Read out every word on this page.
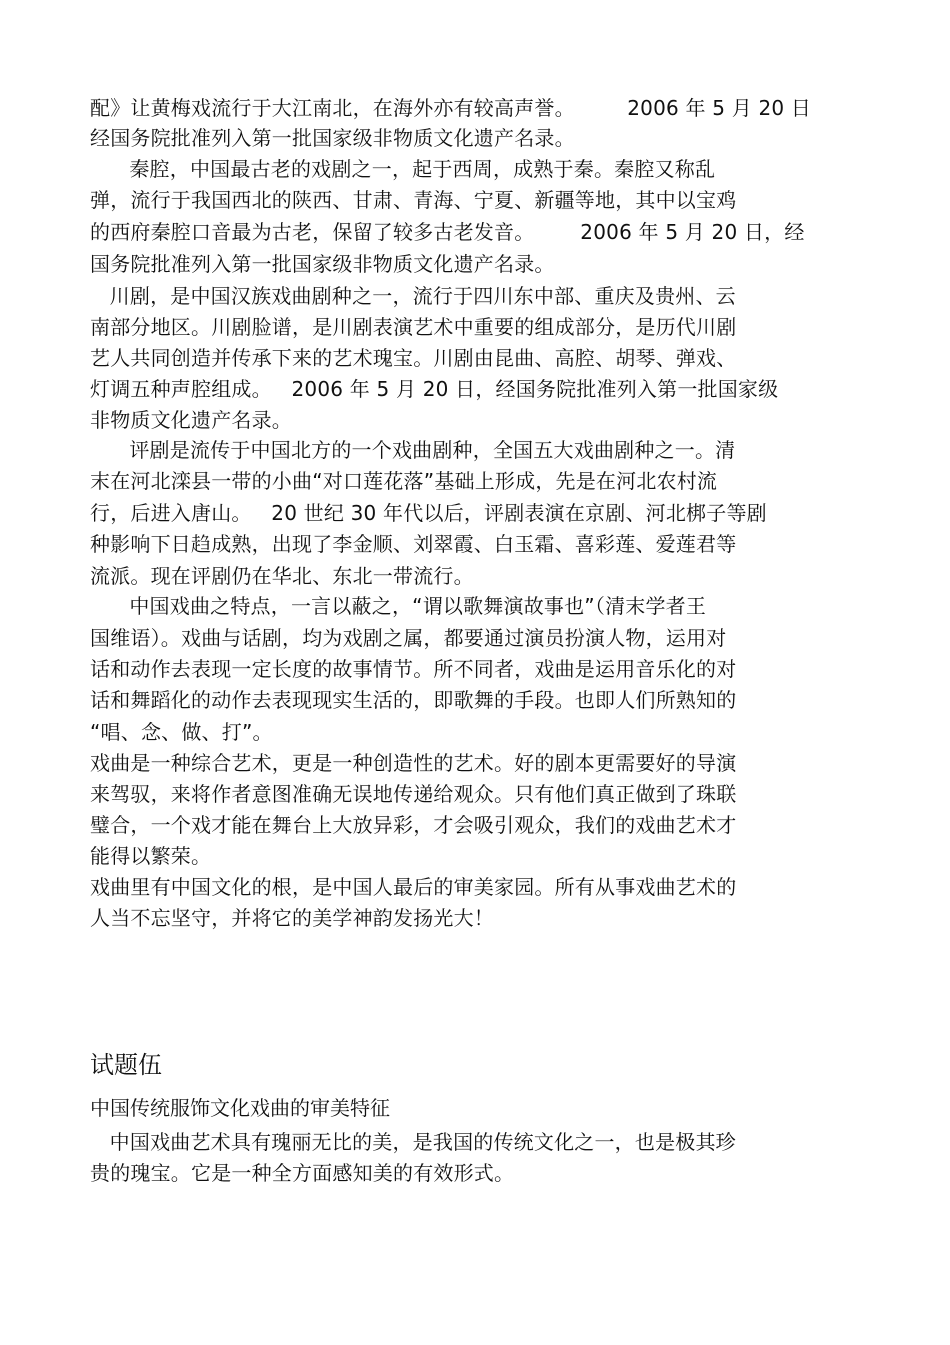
配》让黄梅戏流行于大江南北，在海外亦有较高声誉。        2006 年 5 月 20 日
经国务院批准列入第一批国家级非物质文化遗产名录。
秦腔，中国最古老的戏剧之一，起于西周，成熟于秦。秦腔又称乱
弹，流行于我国西北的陕西、甘肃、青海、宁夏、新疆等地，其中以宝鸡
的西府秦腔口音最为古老，保留了较多古老发音。       2006 年 5 月 20 日，经
国务院批准列入第一批国家级非物质文化遗产名录。
川剧，是中国汉族戏曲剧种之一，流行于四川东中部、重庆及贵州、云
南部分地区。川剧脸谱，是川剧表演艺术中重要的组成部分，是历代川剧
艺人共同创造并传承下来的艺术瑰宝。川剧由昆曲、高腔、胡琴、弹戏、
灯调五种声腔组成。   2006 年 5 月 20 日，经国务院批准列入第一批国家级
非物质文化遗产名录。
评剧是流传于中国北方的一个戏曲剧种，全国五大戏曲剧种之一。清
末在河北滦县一带的小曲“对口莲花落”基础上形成，先是在河北农村流
行，后进入唐山。   20 世纪 30 年代以后，评剧表演在京剧、河北梆子等剧
种影响下日趋成熟，出现了李金顺、刘翠霞、白玉霜、喜彩莲、爱莲君等
流派。现在评剧仍在华北、东北一带流行。
中国戏曲之特点，一言以蔽之，“谓以歌舞演故事也”（清末学者王
国维语）。戏曲与话剧，均为戏剧之属，都要通过演员扮演人物，运用对
话和动作去表现一定长度的故事情节。所不同者，戏曲是运用音乐化的对
话和舞蹈化的动作去表现现实生活的，即歌舞的手段。也即人们所熟知的
“唱、念、做、打”。
戏曲是一种综合艺术，更是一种创造性的艺术。好的剧本更需要好的导演
来驾驭，来将作者意图准确无误地传递给观众。只有他们真正做到了珠联
璧合，一个戏才能在舞台上大放异彩，才会吸引观众，我们的戏曲艺术才
能得以繁荣。
戏曲里有中国文化的根，是中国人最后的审美家园。所有从事戏曲艺术的
人当不忘坚守，并将它的美学神韵发扬光大！
试题伍
中国传统服饰文化戏曲的审美特征
中国戏曲艺术具有瑰丽无比的美，是我国的传统文化之一，也是极其珍
贵的瑰宝。它是一种全方面感知美的有效形式。
